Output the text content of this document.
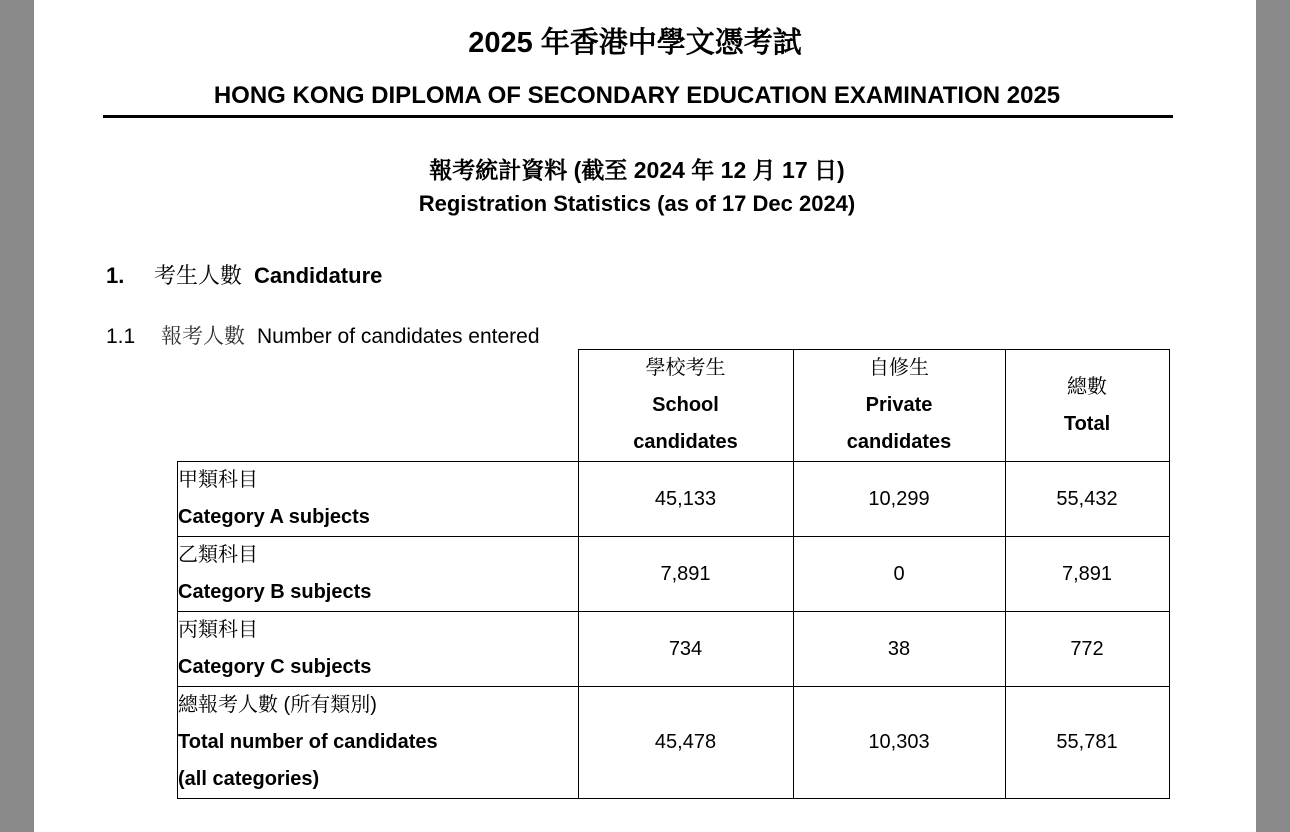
2025 年香港中學文憑考試
HONG KONG DIPLOMA OF SECONDARY EDUCATION EXAMINATION 2025
報考統計資料 (截至 2024 年 12 月 17 日)
Registration Statistics (as of 17 Dec 2024)
1. 考生人數 Candidature
1.1 報考人數 Number of candidates entered

	學校考生
School
candidates	自修生
Private
candidates	總數
Total

甲類科目
Category A subjects	45,133	10,299	55,432

乙類科目
Category B subjects	7,891	0	7,891

丙類科目
Category C subjects	734	38	772

總報考人數 (所有類別)
Total number of candidates
(all categories)	45,478	10,303	55,781
